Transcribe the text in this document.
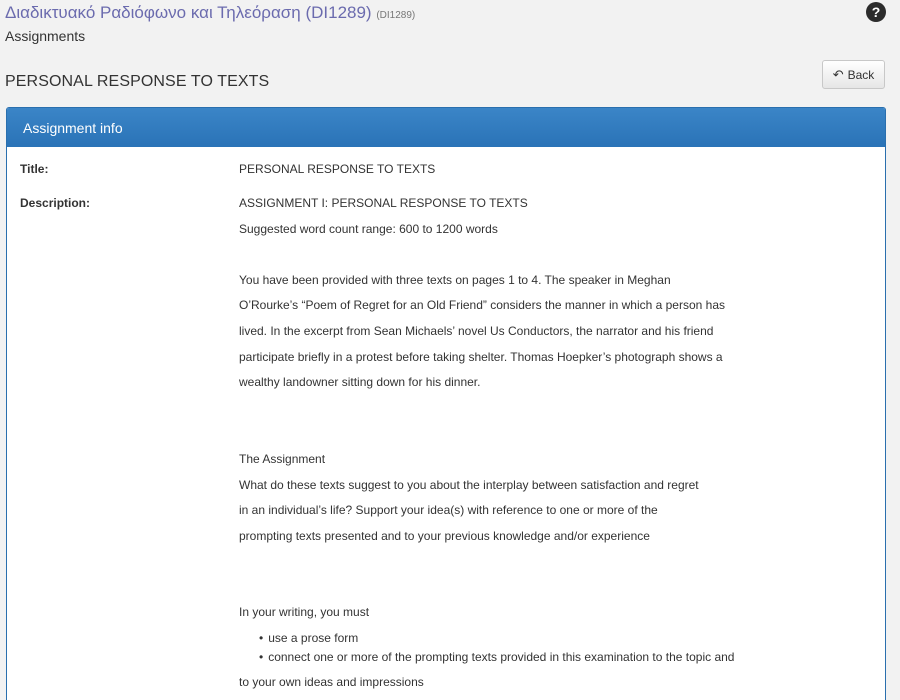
Διαδικτυακό Ραδιόφωνο και Τηλεόραση (DI1289) (DI1289)
Assignments
?
PERSONAL RESPONSE TO TEXTS	↶ Back
Assignment info
Title:	PERSONAL RESPONSE TO TEXTS
Description:	ASSIGNMENT I: PERSONAL RESPONSE TO TEXTS
Suggested word count range: 600 to 1200 words
You have been provided with three texts on pages 1 to 4. The speaker in Meghan
O’Rourke’s “Poem of Regret for an Old Friend” considers the manner in which a person has
lived. In the excerpt from Sean Michaels’ novel Us Conductors, the narrator and his friend
participate briefly in a protest before taking shelter. Thomas Hoepker’s photograph shows a
wealthy landowner sitting down for his dinner.
The Assignment
What do these texts suggest to you about the interplay between satisfaction and regret
in an individual’s life? Support your idea(s) with reference to one or more of the
prompting texts presented and to your previous knowledge and/or experience
In your writing, you must
• use a prose form
• connect one or more of the prompting texts provided in this examination to the topic and
to your own ideas and impressions
